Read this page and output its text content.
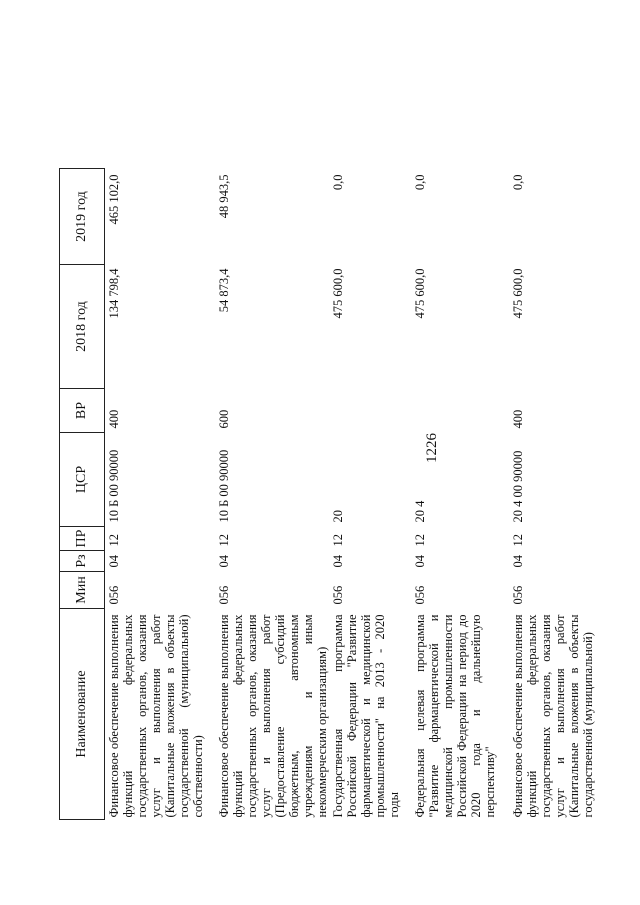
1226
Наименование	Мин	Рз	ПР	ЦСР	ВР	2018 год	2019 год
Финансовое обеспечение выполнения функций федеральных государственных органов, оказания услуг и выполнения работ (Капитальные вложения в объекты государственной (муниципальной) собственности)	056	04	12	10 Б 00 90000	400	134 798,4	465 102,0
Финансовое обеспечение выполнения функций федеральных государственных органов, оказания услуг и выполнения работ (Предоставление субсидий бюджетным, автономным учреждениям и иным некоммерческим организациям)	056	04	12	10 Б 00 90000	600	54 873,4	48 943,5
Государственная программа Российской Федерации "Развитие фармацевтической и медицинской промышленности" на 2013 - 2020 годы	056	04	12	20		475 600,0	0,0
Федеральная целевая программа "Развитие фармацевтической и медицинской промышленности Российской Федерации на период до 2020 года и дальнейшую перспективу"	056	04	12	20 4		475 600,0	0,0

Финансовое обеспечение выполнения функций федеральных государственных органов, оказания услуг и выполнения работ (Капитальные вложения в объекты государственной (муниципальной)	056	04	12	20 4 00 90000	400	475 600,0	0,0
